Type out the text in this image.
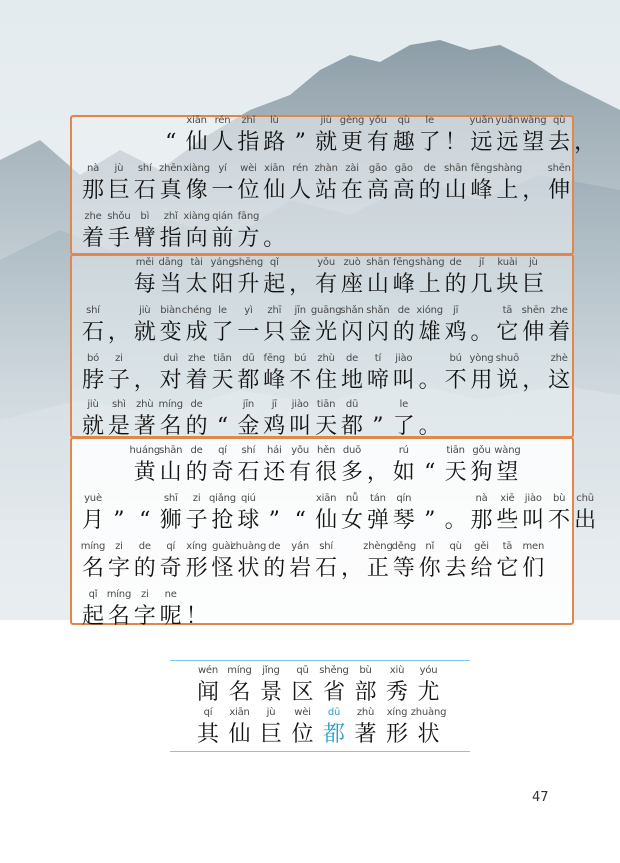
“
xiān
仙
rén
人
zhǐ
指
lù
路 ”
jiù
就
gèng
更
yǒu
有
qù
趣
le
了 ！
yuǎn
远
yuǎn
远
wàng
望
qù
去 ，
nà
那
jù
巨
shí
石
zhēn
真
xiàng
像
yí
一
wèi
位
xiān
仙
rén
人
zhàn
站
zài
在
gāo
高
gāo
高
de
的
shān
山
fēng
峰
shàng
上 ，
shēn
伸
zhe
着
shǒu
手
bì
臂
zhǐ
指
xiàng
向
qián
前
fāng
方 。
měi
每
dāng
当
tài
太
yáng
阳
shēng
升
qǐ
起 ，
yǒu
有
zuò
座
shān
山
fēng
峰
shàng
上
de
的
jǐ
几
kuài
块
jù
巨
shí
石 ，
jiù
就
biàn
变
chéng
成
le
了
yì
一
zhī
只
jīn
金
guāng
光
shǎn
闪
shǎn
闪
de
的
xióng
雄
jī
鸡 。
tā
它
shēn
伸
zhe
着
bó
脖
zi
子 ，
duì
对
zhe
着
tiān
天
dū
都
fēng
峰
bú
不
zhù
住
de
地
tí
啼
jiào
叫 。
bú
不
yòng
用
shuō
说 ，
zhè
这
jiù
就
shì
是
zhù
著
míng
名
de
的 “
jīn
金
jī
鸡
jiào
叫
tiān
天
dū
都 ”
le
了 。
huáng
黄
shān
山
de
的
qí
奇
shí
石
hái
还
yǒu
有
hěn
很
duō
多 ，
rú
如 “
tiān
天
gǒu
狗
wàng
望
yuè
月 ” “
shī
狮
zi
子
qiǎng
抢
qiú
球 ” “
xiān
仙
nǚ
女
tán
弹
qín
琴 ” 。
nà
那
xiē
些
jiào
叫
bù
不
chū
出
míng
名
zi
字
de
的
qí
奇
xíng
形
guài
怪
zhuàng
状
de
的
yán
岩
shí
石 ，
zhèng
正
děng
等
nǐ
你
qù
去
gěi
给
tā
它
men
们
qǐ
起
míng
名
zi
字
ne
呢 ！
wén
闻
míng
名
jǐng
景
qū
区
shěng
省
bù
部
xiù
秀
yóu
尤
qí
其
xiān
仙
jù
巨
wèi
位
dū
都
zhù
著
xíng
形
zhuàng
状
47
